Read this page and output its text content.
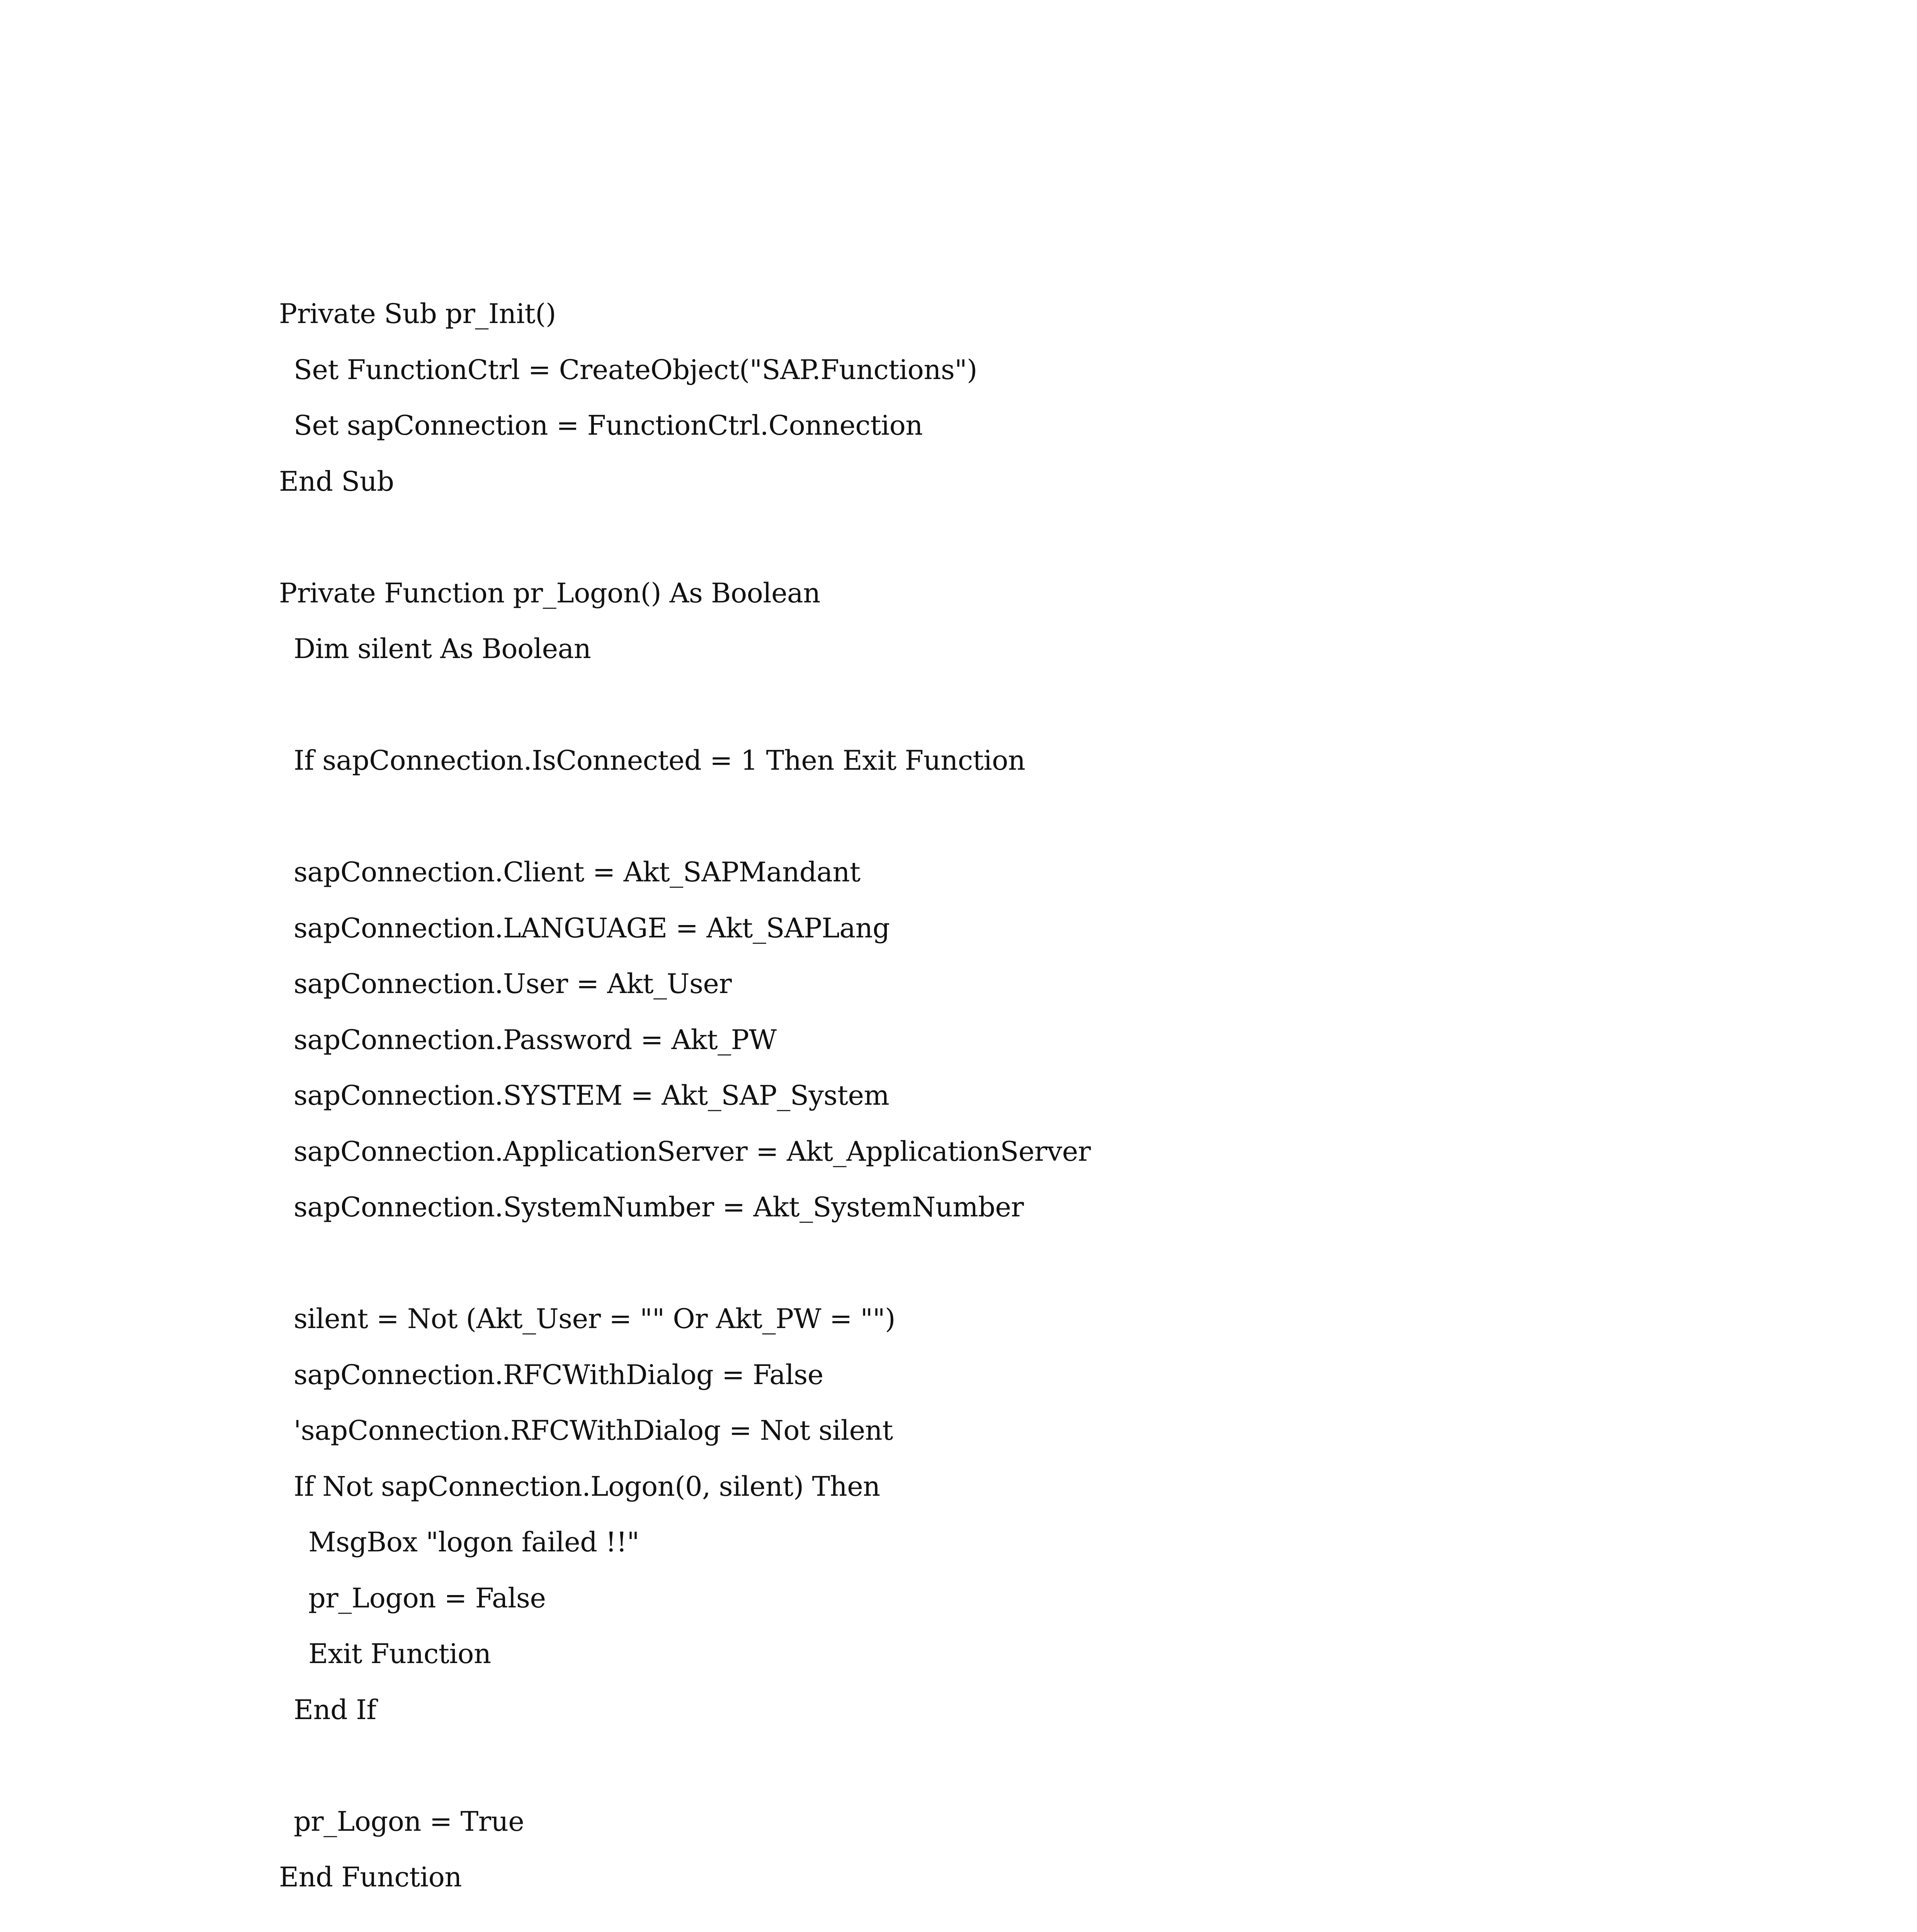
Private Sub pr_Init()
Set FunctionCtrl = CreateObject("SAP.Functions")
Set sapConnection = FunctionCtrl.Connection
End Sub
Private Function pr_Logon() As Boolean
Dim silent As Boolean
If sapConnection.IsConnected = 1 Then Exit Function
sapConnection.Client = Akt_SAPMandant
sapConnection.LANGUAGE = Akt_SAPLang
sapConnection.User = Akt_User
sapConnection.Password = Akt_PW
sapConnection.SYSTEM = Akt_SAP_System
sapConnection.ApplicationServer = Akt_ApplicationServer
sapConnection.SystemNumber = Akt_SystemNumber
silent = Not (Akt_User = "" Or Akt_PW = "")
sapConnection.RFCWithDialog = False
'sapConnection.RFCWithDialog = Not silent
If Not sapConnection.Logon(0, silent) Then
MsgBox "logon failed !!"
pr_Logon = False
Exit Function
End If
pr_Logon = True
End Function
